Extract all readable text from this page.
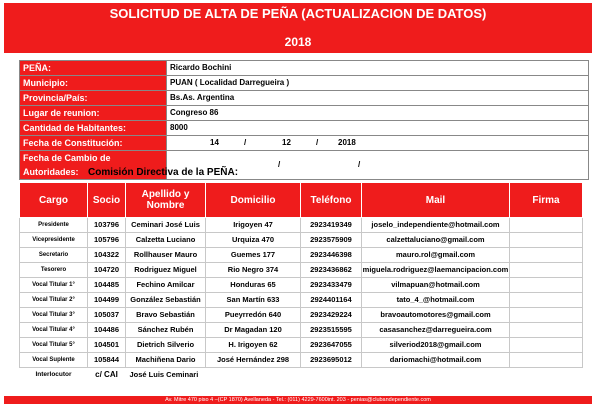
SOLICITUD DE ALTA DE PEÑA (ACTUALIZACION DE DATOS)
2018
PEÑA:	Ricardo Bochini
Municipio:	PUAN ( Localidad Darregueira )
Provincia/País:	Bs.As. Argentina
Lugar de reunion:	Congreso 86
Cantidad de Habitantes:	8000
Fecha de Constitución:	14 / 12 / 2018
Fecha de Cambio de Autoridades:	/ /
Comisión Directiva de la PEÑA:
Cargo	Socio	Apellido y Nombre	Domicilio	Teléfono	Mail	Firma
Presidente	103796	Ceminari José Luis	Irigoyen 47	2923419349	joselo_independiente@hotmail.com	
Vicepresidente	105796	Calzetta Luciano	Urquiza 470	2923575909	calzettaluciano@gmail.com	
Secretario	104322	Rollhauser Mauro	Guemes 177	2923446398	mauro.rol@gmail.com	
Tesorero	104720	Rodriguez Miguel	Rio Negro 374	2923436862	miguela.rodriguez@laemancipacion.com	
Vocal Titular 1°	104485	Fechino Amilcar	Honduras 65	2923433479	vilmapuan@hotmail.com	
Vocal Titular 2°	104499	González Sebastián	San Martín 633	2924401164	tato_4_@hotmail.com	
Vocal Titular 3°	105037	Bravo Sebastián	Pueyrredón 640	2923429224	bravoautomotores@gmail.com	
Vocal Titular 4°	104486	Sánchez Rubén	Dr Magadan 120	2923515595	casasanchez@darregueira.com	
Vocal Titular 5°	104501	Dietrich Silverio	H. Irigoyen 62	2923647055	silveriod2018@gmail.com	
Vocal Suplente	105844	Machiñena Dario	José Hernández 298	2923695012	dariomachi@hotmail.com	
Interlocutor	c/ CAI	José Luis Ceminari				
Av. Mitre 470 piso 4 –(CP 1870) Avellaneda - Tel.: (011) 4229-7600int. 203 - penias@clubandependiente.com
